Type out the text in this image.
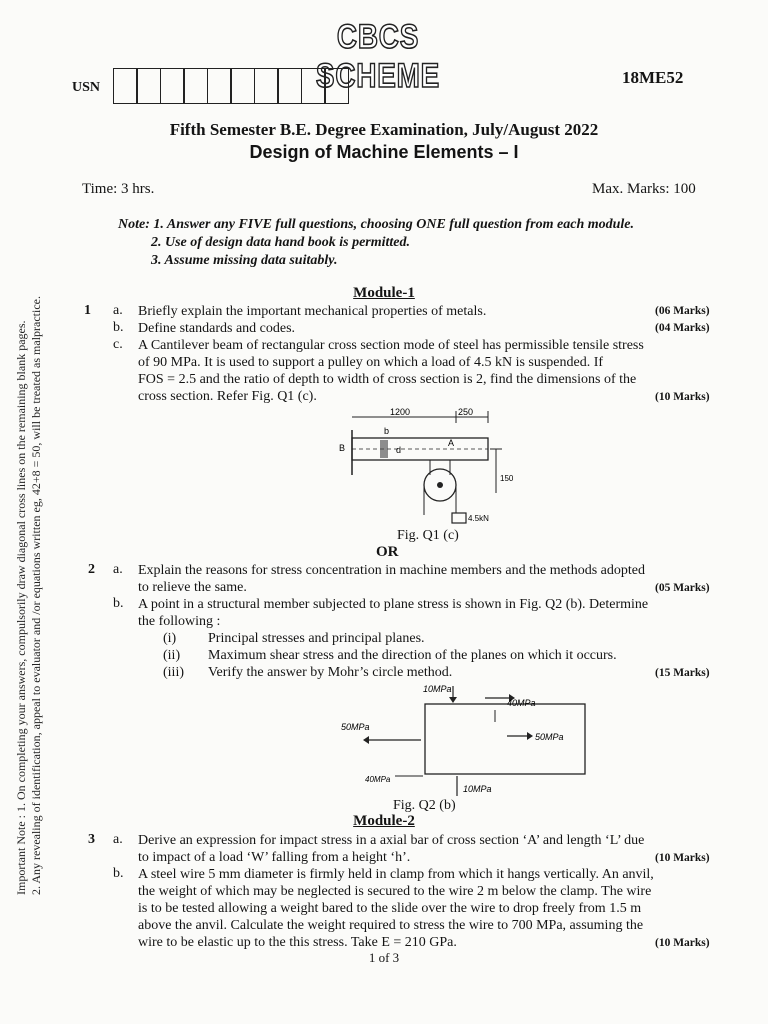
CBCS SCHEME
USN
18ME52
Fifth Semester B.E. Degree Examination, July/August 2022
Design of Machine Elements – I
Time: 3 hrs.	Max. Marks: 100
Note: 1. Answer any FIVE full questions, choosing ONE full question from each module.
2. Use of design data hand book is permitted.
3. Assume missing data suitably.
Important Note : 1. On completing your answers, compulsorily draw diagonal cross lines on the remaining blank pages. 2. Any revealing of identification, appeal to evaluator and /or equations written eg, 42+8 = 50, will be treated as malpractice.
Module-1
1 a. Briefly explain the important mechanical properties of metals.	(06 Marks)
b. Define standards and codes.	(04 Marks)
c. A Cantilever beam of rectangular cross section mode of steel has permissible tensile stress
of 90 MPa. It is used to support a pulley on which a load of 4.5 kN is suspended. If
FOS = 2.5 and the ratio of depth to width of cross section is 2, find the dimensions of the
cross section. Refer Fig. Q1 (c).	(10 Marks)
1200	250
b
d
B	A
4.5kN
150
Fig. Q1 (c)
OR
2 a. Explain the reasons for stress concentration in machine members and the methods adopted
to relieve the same.	(05 Marks)
b. A point in a structural member subjected to plane stress is shown in Fig. Q2 (b). Determine
the following :
(i) Principal stresses and principal planes.
(ii) Maximum shear stress and the direction of the planes on which it occurs.
(iii) Verify the answer by Mohr’s circle method.	(15 Marks)
10MPa
40MPa
50MPa
50MPa
40MPa
10MPa
Fig. Q2 (b)
Module-2
3 a. Derive an expression for impact stress in a axial bar of cross section ‘A’ and length ‘L’ due
to impact of a load ‘W’ falling from a height ‘h’.	(10 Marks)
b. A steel wire 5 mm diameter is firmly held in clamp from which it hangs vertically. An anvil,
the weight of which may be neglected is secured to the wire 2 m below the clamp. The wire
is to be tested allowing a weight bared to the slide over the wire to drop freely from 1.5 m
above the anvil. Calculate the weight required to stress the wire to 700 MPa, assuming the
wire to be elastic up to the this stress. Take E = 210 GPa.	(10 Marks)
1 of 3
